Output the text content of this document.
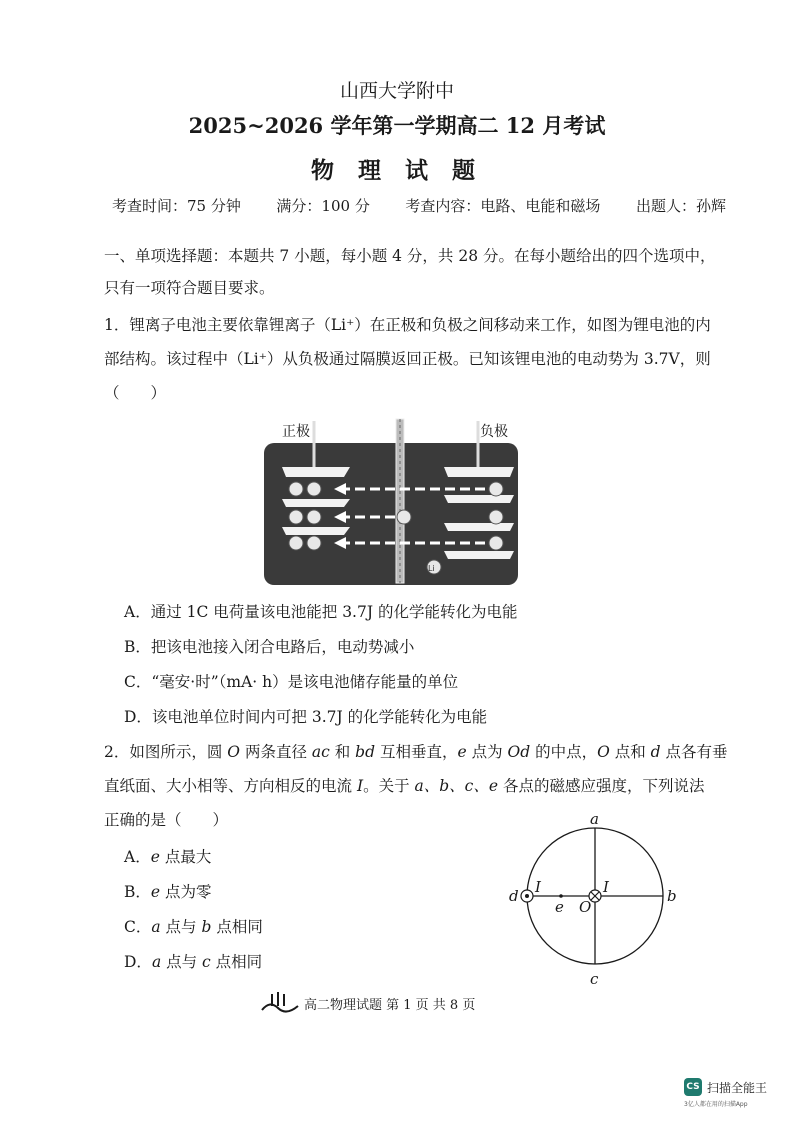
山西大学附中
2025~2026 学年第一学期高二 12 月考试
物 理 试 题
考查时间：75 分钟 满分：100 分 考查内容：电路、电能和磁场 出题人：孙辉
一、单项选择题：本题共 7 小题，每小题 4 分，共 28 分。在每小题给出的四个选项中，
只有一项符合题目要求。
1．锂离子电池主要依靠锂离子（Li⁺）在正极和负极之间移动来工作，如图为锂电池的内
部结构。该过程中（Li⁺）从负极通过隔膜返回正极。已知该锂电池的电动势为 3.7V，则
（　　）
正极	负极
Li
A．通过 1C 电荷量该电池能把 3.7J 的化学能转化为电能
B．把该电池接入闭合电路后，电动势减小
C．“毫安·时”（mA· h）是该电池储存能量的单位
D．该电池单位时间内可把 3.7J 的化学能转化为电能
2．如图所示，圆 O 两条直径 ac 和 bd 互相垂直，e 点为 Od 的中点，O 点和 d 点各有垂
直纸面、大小相等、方向相反的电流 I。关于 a、b、c、e 各点的磁感应强度，下列说法
正确的是（　　）
A．e 点最大
B．e 点为零
C．a 点与 b 点相同
D．a 点与 c 点相同
a
b
c
d
e O
I	I
高二物理试题 第 1 页 共 8 页
CS 扫描全能王
3亿人都在用的扫描App
